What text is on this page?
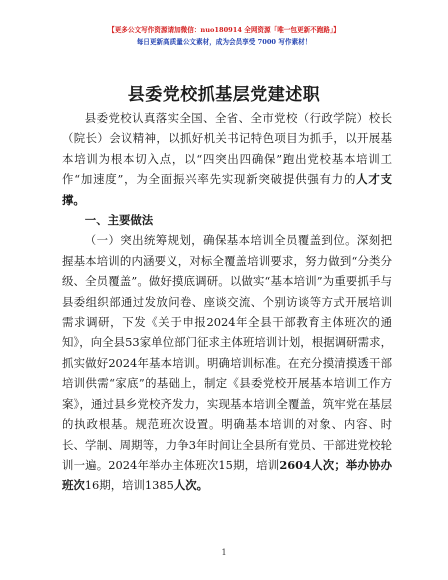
【更多公文写作资源请加微信：nuo180914 全网资源「唯一包更新不跑路」】
每日更新高质量公文素材，成为会员享受 7000 写作素材！
县委党校抓基层党建述职

县委党校认真落实全国、全省、全市党校（行政学院）校长（院长）会议精神，以抓好机关书记特色项目为抓手，以开展基本培训为根本切入点，以“四突出四确保”跑出党校基本培训工作“加速度”，为全面振兴率先实现新突破提供强有力的人才支撑。

一、主要做法

（一）突出统筹规划，确保基本培训全员覆盖到位。深刻把握基本培训的内涵要义，对标全覆盖培训要求，努力做到“分类分级、全员覆盖”。做好摸底调研。以做实“基本培训”为重要抓手与县委组织部通过发放问卷、座谈交流、个别访谈等方式开展培训需求调研，下发《关于申报2024年全县干部教育主体班次的通知》，向全县53家单位部门征求主体班培训计划，根据调研需求，抓实做好2024年基本培训。明确培训标准。在充分摸清摸透干部培训供需“家底”的基础上，制定《县委党校开展基本培训工作方案》，通过县乡党校齐发力，实现基本培训全覆盖，筑牢党在基层的执政根基。规范班次设置。明确基本培训的对象、内容、时长、学制、周期等，力争3年时间让全县所有党员、干部进党校轮训一遍。2024年举办主体班次15期，培训2604人次；举办协办班次16期，培训1385人次。

1
